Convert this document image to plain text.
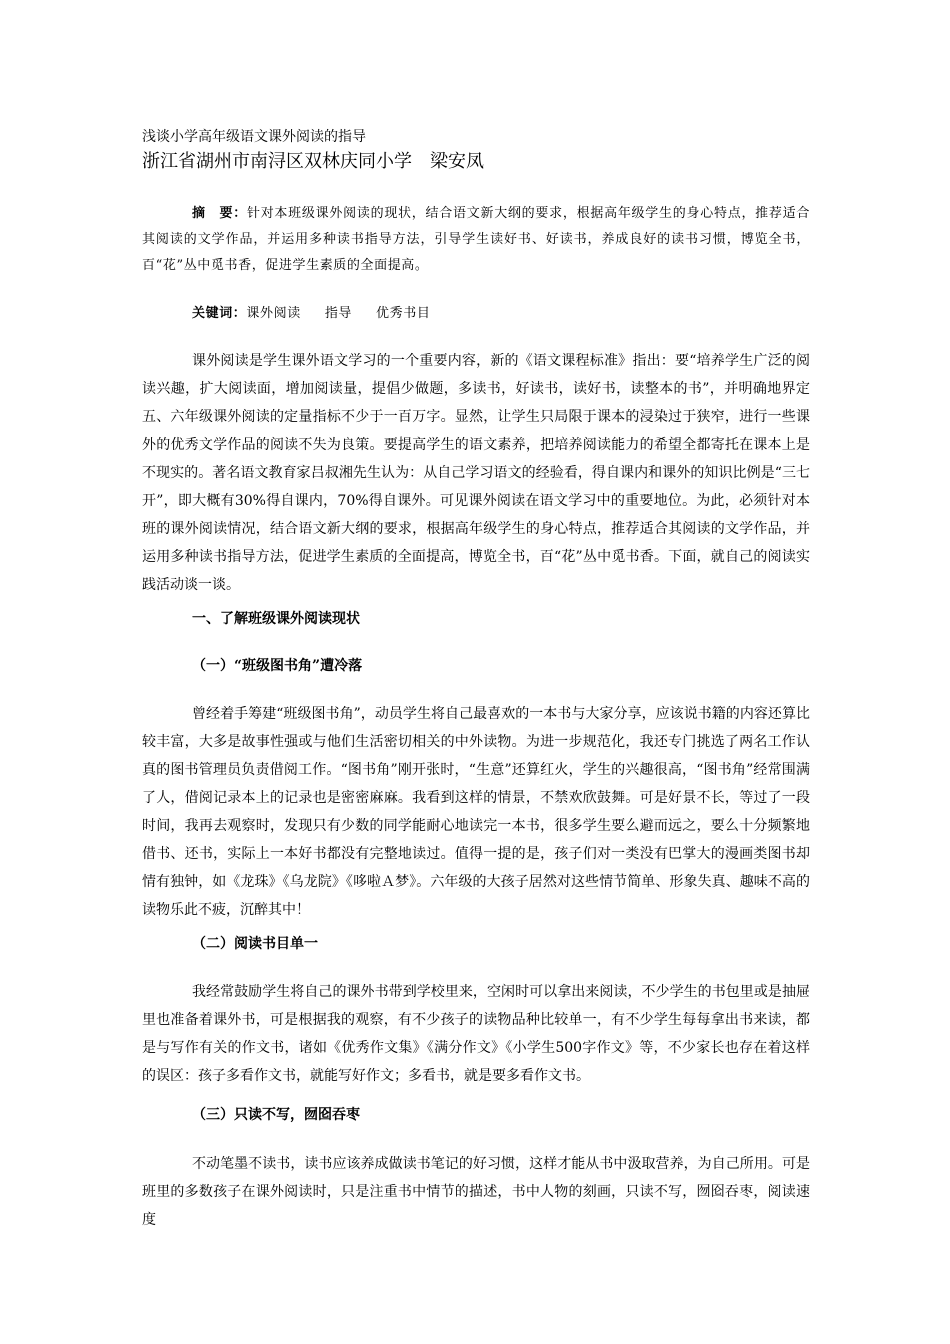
浅谈小学高年级语文课外阅读的指导
浙江省湖州市南浔区双林庆同小学　梁安凤
摘　要：针对本班级课外阅读的现状，结合语文新大纲的要求，根据高年级学生的身心特点，推荐适合其阅读的文学作品，并运用多种读书指导方法，引导学生读好书、好读书，养成良好的读书习惯，博览全书，百“花”丛中觅书香，促进学生素质的全面提高。
关键词：课外阅读 指导 优秀书目
课外阅读是学生课外语文学习的一个重要内容，新的《语文课程标准》指出：要“培养学生广泛的阅读兴趣，扩大阅读面，增加阅读量，提倡少做题，多读书，好读书，读好书，读整本的书”，并明确地界定五、六年级课外阅读的定量指标不少于一百万字。显然，让学生只局限于课本的浸染过于狭窄，进行一些课外的优秀文学作品的阅读不失为良策。要提高学生的语文素养，把培养阅读能力的希望全都寄托在课本上是不现实的。著名语文教育家吕叔湘先生认为：从自己学习语文的经验看，得自课内和课外的知识比例是“三七开”，即大概有30%得自课内，70%得自课外。可见课外阅读在语文学习中的重要地位。为此，必须针对本班的课外阅读情况，结合语文新大纲的要求，根据高年级学生的身心特点，推荐适合其阅读的文学作品，并运用多种读书指导方法，促进学生素质的全面提高，博览全书，百“花”丛中觅书香。下面，就自己的阅读实践活动谈一谈。
一、了解班级课外阅读现状
（一）“班级图书角”遭冷落
曾经着手筹建“班级图书角”，动员学生将自己最喜欢的一本书与大家分享，应该说书籍的内容还算比较丰富，大多是故事性强或与他们生活密切相关的中外读物。为进一步规范化，我还专门挑选了两名工作认真的图书管理员负责借阅工作。“图书角”刚开张时，“生意”还算红火，学生的兴趣很高，“图书角”经常围满了人，借阅记录本上的记录也是密密麻麻。我看到这样的情景，不禁欢欣鼓舞。可是好景不长，等过了一段时间，我再去观察时，发现只有少数的同学能耐心地读完一本书，很多学生要么避而远之，要么十分频繁地借书、还书，实际上一本好书都没有完整地读过。值得一提的是，孩子们对一类没有巴掌大的漫画类图书却情有独钟，如《龙珠》《乌龙院》《哆啦Ａ梦》。六年级的大孩子居然对这些情节简单、形象失真、趣味不高的读物乐此不疲，沉醉其中！
（二）阅读书目单一
我经常鼓励学生将自己的课外书带到学校里来，空闲时可以拿出来阅读，不少学生的书包里或是抽屉里也准备着课外书，可是根据我的观察，有不少孩子的读物品种比较单一，有不少学生每每拿出书来读，都是与写作有关的作文书，诸如《优秀作文集》《满分作文》《小学生500字作文》等，不少家长也存在着这样的误区：孩子多看作文书，就能写好作文；多看书，就是要多看作文书。
（三）只读不写，囫囵吞枣
不动笔墨不读书，读书应该养成做读书笔记的好习惯，这样才能从书中汲取营养，为自己所用。可是班里的多数孩子在课外阅读时，只是注重书中情节的描述，书中人物的刻画，只读不写，囫囵吞枣，阅读速度
